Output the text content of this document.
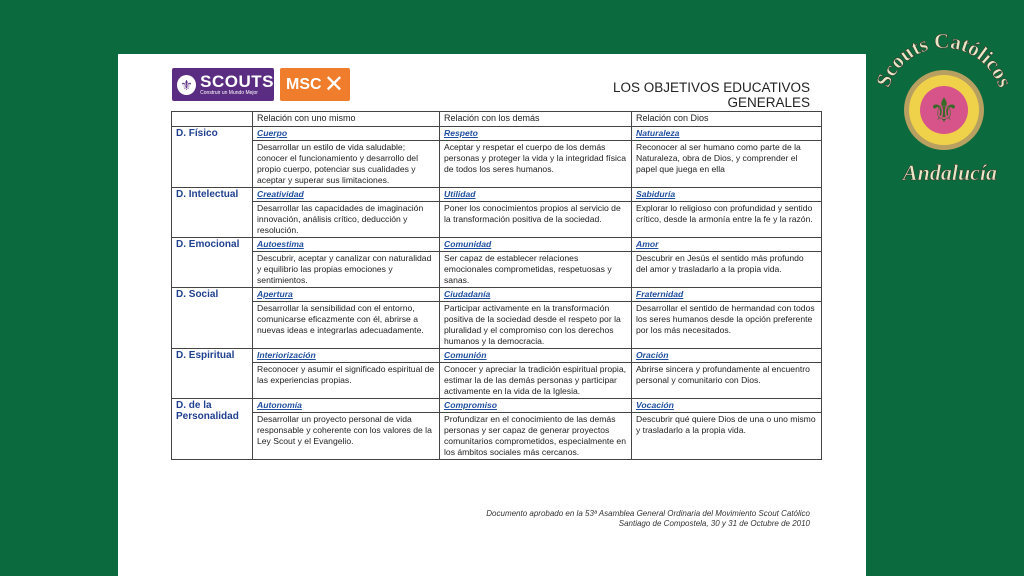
⚜ SCOUTS
Construir un Mundo Mejor	MSC ✕	LOS OBJETIVOS EDUCATIVOS GENERALES
	Relación con uno mismo	Relación con los demás	Relación con Dios
D. Físico	Cuerpo	Respeto	Naturaleza
	Desarrollar un estilo de vida saludable; conocer el funcionamiento y desarrollo del propio cuerpo, potenciar sus cualidades y aceptar y superar sus limitaciones.	Aceptar y respetar el cuerpo de los demás personas y proteger la vida y la integridad física de todos los seres humanos.	Reconocer al ser humano como parte de la Naturaleza, obra de Dios, y comprender el papel que juega en ella
D. Intelectual	Creatividad	Utilidad	Sabiduría
	Desarrollar las capacidades de imaginación innovación, análisis crítico, deducción y resolución.	Poner los conocimientos propios al servicio de la transformación positiva de la sociedad.	Explorar lo religioso con profundidad y sentido crítico, desde la armonía entre la fe y la razón.
D. Emocional	Autoestima	Comunidad	Amor
	Descubrir, aceptar y canalizar con naturalidad y equilibrio las propias emociones y sentimientos.	Ser capaz de establecer relaciones emocionales comprometidas, respetuosas y sanas.	Descubrir en Jesús el sentido más profundo del amor y trasladarlo a la propia vida.
D. Social	Apertura	Ciudadanía	Fraternidad
	Desarrollar la sensibilidad con el entorno, comunicarse eficazmente con él, abrirse a nuevas ideas e integrarlas adecuadamente.	Participar activamente en la transformación positiva de la sociedad desde el respeto por la pluralidad y el compromiso con los derechos humanos y la democracia.	Desarrollar el sentido de hermandad con todos los seres humanos desde la opción preferente por los más necesitados.
D. Espiritual	Interiorización	Comunión	Oración
	Reconocer y asumir el significado espiritual de las experiencias propias.	Conocer y apreciar la tradición espiritual propia, estimar la de las demás personas y participar activamente en la vida de la Iglesia.	Abrirse sincera y profundamente al encuentro personal y comunitario con Dios.
D. de la Personalidad	Autonomía	Compromiso	Vocación
	Desarrollar un proyecto personal de vida responsable y coherente con los valores de la Ley Scout y el Evangelio.	Profundizar en el conocimiento de las demás personas y ser capaz de generar proyectos comunitarios comprometidos, especialmente en los ámbitos sociales más cercanos.	Descubrir qué quiere Dios de una o uno mismo y trasladarlo a la propia vida.
Documento aprobado en la 53ª Asamblea General Ordinaria del Movimiento Scout Católico
Santiago de Compostela, 30 y 31 de Octubre de 2010
Scouts Católicos
⚜
Andalucía
